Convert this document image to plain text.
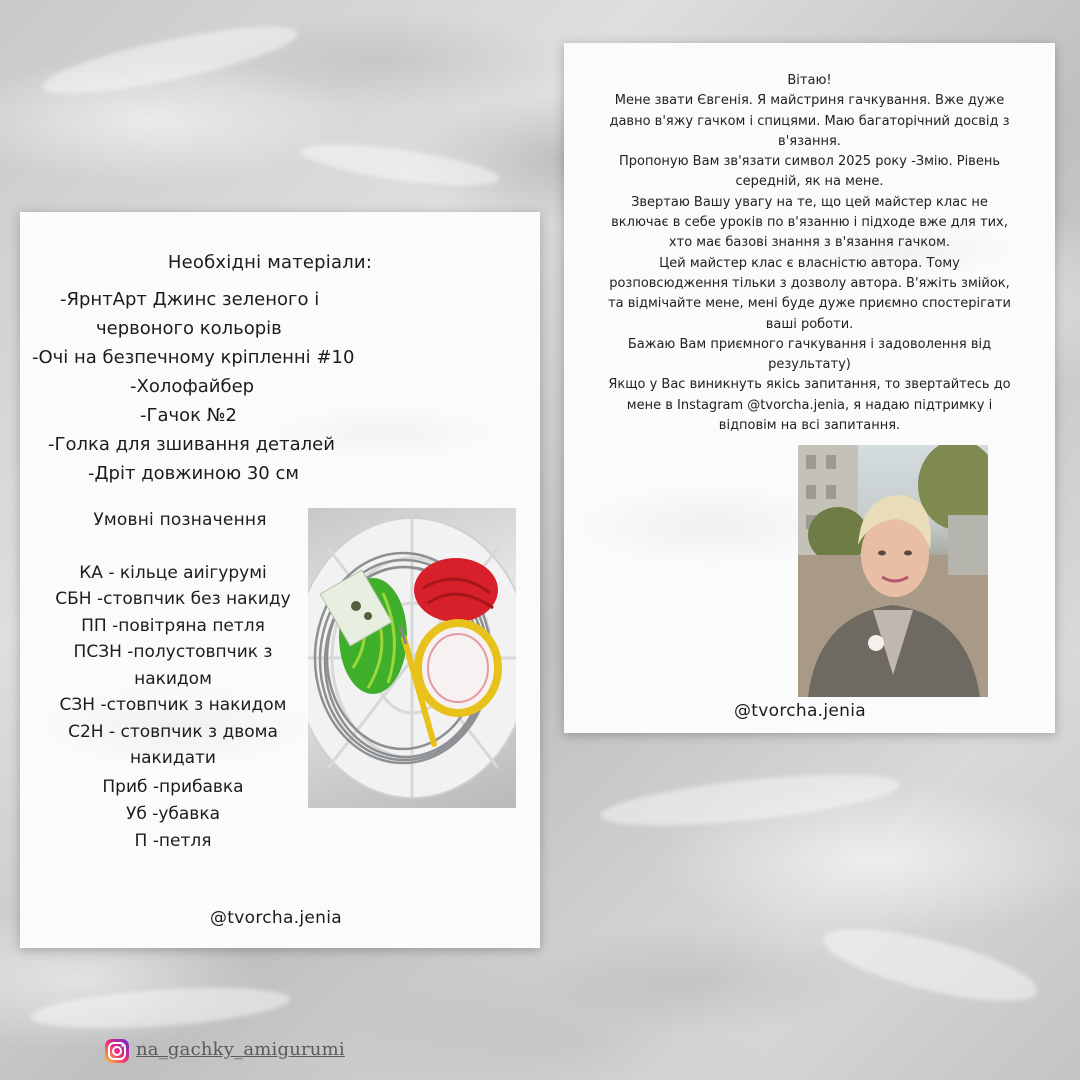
Необхідні матеріали:
-ЯрнтАрт Джинс зеленого і
червоного кольорів
-Очі на безпечному кріпленні #10
-Холофайбер
-Гачок №2
-Голка для зшивання деталей
-Дріт довжиною 30 см
Умовні позначення
КА - кільце аиігурумі
СБН -стовпчик без накиду
ПП -повітряна петля
ПСЗН -полустовпчик з
накидом
СЗН -стовпчик з накидом
С2Н - стовпчик з двома
накидати
Приб -прибавка
Уб -убавка
П -петля
@tvorcha.jenia

Вітаю!

Мене звати Євгенія. Я майстриня гачкування. Вже дуже давно в'яжу гачком і спицями. Маю багаторічний досвід з в'язання.

Пропоную Вам зв'язати символ 2025 року -Змію. Рівень середній, як на мене.

Звертаю Вашу увагу на те, що цей майстер клас не включає в себе уроків по в'язанню і підходе вже для тих, хто має базові знання з в'язання гачком.

Цей майстер клас є власністю автора. Тому розповсюдження тільки з дозволу автора. В'яжіть змійок, та відмічайте мене, мені буде дуже приємно спостерігати ваші роботи.

Бажаю Вам приємного гачкування і задоволення від результату)

Якщо у Вас виникнуть якісь запитання, то звертайтесь до мене в Instagram @tvorcha.jenia, я надаю підтримку і відповім на всі запитання.

@tvorcha.jenia
na_gachky_amigurumi
